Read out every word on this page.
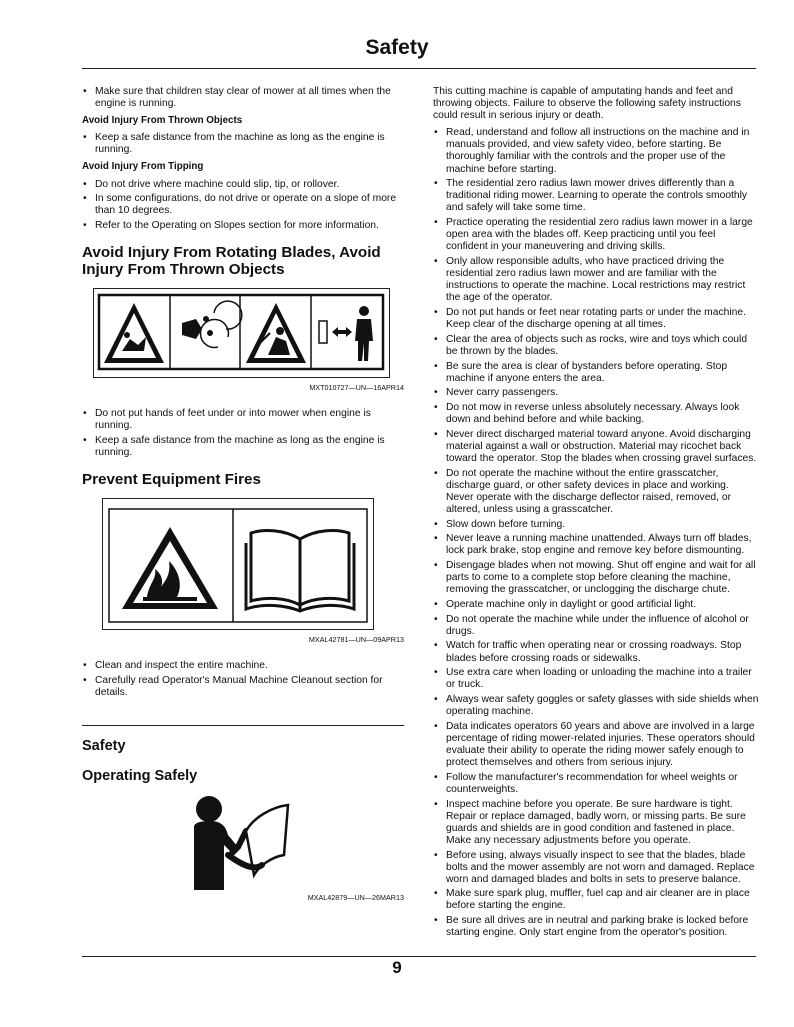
Safety
• Make sure that children stay clear of mower at all times when the engine is running.
Avoid Injury From Thrown Objects
• Keep a safe distance from the machine as long as the engine is running.
Avoid Injury From Tipping
• Do not drive where machine could slip, tip, or rollover.
• In some configurations, do not drive or operate on a slope of more than 10 degrees.
• Refer to the Operating on Slopes section for more information.
Avoid Injury From Rotating Blades, Avoid Injury From Thrown Objects
MXT010727—UN—16APR14
• Do not put hands of feet under or into mower when engine is running.
• Keep a safe distance from the machine as long as the engine is running.
Prevent Equipment Fires
MXAL42781—UN—09APR13
• Clean and inspect the entire machine.
• Carefully read Operator's Manual Machine Cleanout section for details.
Safety
Operating Safely
MXAL42879—UN—26MAR13
This cutting machine is capable of amputating hands and feet and throwing objects. Failure to observe the following safety instructions could result in serious injury or death.
• Read, understand and follow all instructions on the machine and in manuals provided, and view safety video, before starting. Be thoroughly familiar with the controls and the proper use of the machine before starting.
• The residential zero radius lawn mower drives differently than a traditional riding mower. Learning to operate the controls smoothly and safely will take some time.
• Practice operating the residential zero radius lawn mower in a large open area with the blades off. Keep practicing until you feel confident in your maneuvering and driving skills.
• Only allow responsible adults, who have practiced driving the residential zero radius lawn mower and are familiar with the instructions to operate the machine. Local restrictions may restrict the age of the operator.
• Do not put hands or feet near rotating parts or under the machine. Keep clear of the discharge opening at all times.
• Clear the area of objects such as rocks, wire and toys which could be thrown by the blades.
• Be sure the area is clear of bystanders before operating. Stop machine if anyone enters the area.
• Never carry passengers.
• Do not mow in reverse unless absolutely necessary. Always look down and behind before and while backing.
• Never direct discharged material toward anyone. Avoid discharging material against a wall or obstruction. Material may ricochet back toward the operator. Stop the blades when crossing gravel surfaces.
• Do not operate the machine without the entire grasscatcher, discharge guard, or other safety devices in place and working. Never operate with the discharge deflector raised, removed, or altered, unless using a grasscatcher.
• Slow down before turning.
• Never leave a running machine unattended. Always turn off blades, lock park brake, stop engine and remove key before dismounting.
• Disengage blades when not mowing. Shut off engine and wait for all parts to come to a complete stop before cleaning the machine, removing the grasscatcher, or unclogging the discharge chute.
• Operate machine only in daylight or good artificial light.
• Do not operate the machine while under the influence of alcohol or drugs.
• Watch for traffic when operating near or crossing roadways. Stop blades before crossing roads or sidewalks.
• Use extra care when loading or unloading the machine into a trailer or truck.
• Always wear safety goggles or safety glasses with side shields when operating machine.
• Data indicates operators 60 years and above are involved in a large percentage of riding mower-related injuries. These operators should evaluate their ability to operate the riding mower safely enough to protect themselves and others from serious injury.
• Follow the manufacturer's recommendation for wheel weights or counterweights.
• Inspect machine before you operate. Be sure hardware is tight. Repair or replace damaged, badly worn, or missing parts. Be sure guards and shields are in good condition and fastened in place. Make any necessary adjustments before you operate.
• Before using, always visually inspect to see that the blades, blade bolts and the mower assembly are not worn and damaged. Replace worn and damaged blades and bolts in sets to preserve balance.
• Make sure spark plug, muffler, fuel cap and air cleaner are in place before starting the engine.
• Be sure all drives are in neutral and parking brake is locked before starting engine. Only start engine from the operator's position.
9
